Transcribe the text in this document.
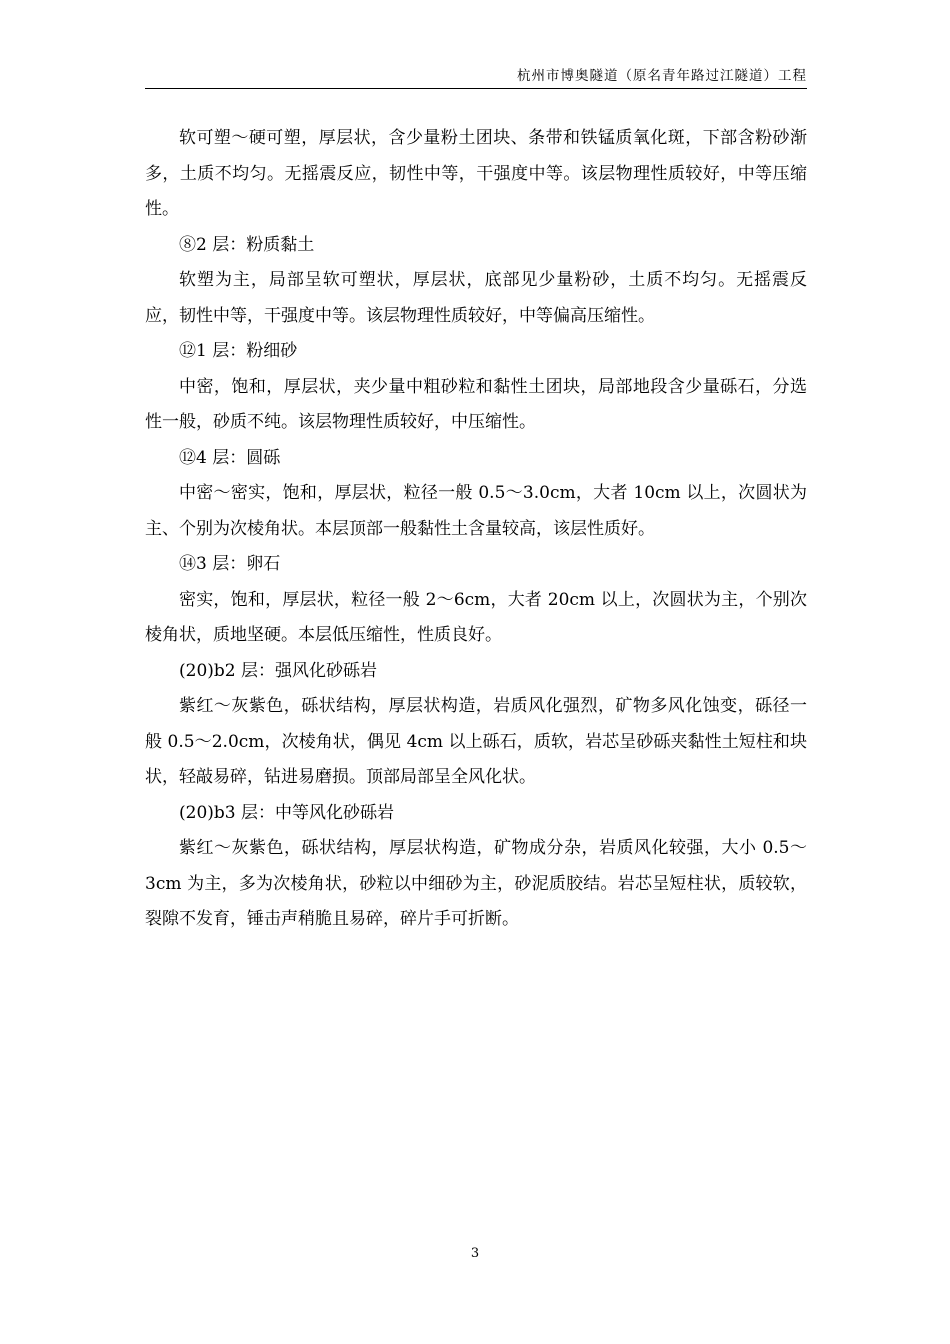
杭州市博奥隧道（原名青年路过江隧道）工程

软可塑～硬可塑，厚层状，含少量粉土团块、条带和铁锰质氧化斑，下部含粉砂渐多，土质不均匀。无摇震反应，韧性中等，干强度中等。该层物理性质较好，中等压缩性。

⑧2 层：粉质黏土

软塑为主，局部呈软可塑状，厚层状，底部见少量粉砂，土质不均匀。无摇震反应，韧性中等，干强度中等。该层物理性质较好，中等偏高压缩性。

⑫1 层：粉细砂

中密，饱和，厚层状，夹少量中粗砂粒和黏性土团块，局部地段含少量砾石，分选性一般，砂质不纯。该层物理性质较好，中压缩性。

⑫4 层：圆砾

中密～密实，饱和，厚层状，粒径一般 0.5～3.0cm，大者 10cm 以上，次圆状为主、个别为次棱角状。本层顶部一般黏性土含量较高，该层性质好。

⑭3 层：卵石

密实，饱和，厚层状，粒径一般 2～6cm，大者 20cm 以上，次圆状为主，个别次棱角状，质地坚硬。本层低压缩性，性质良好。

(20)b2 层：强风化砂砾岩

紫红～灰紫色，砾状结构，厚层状构造，岩质风化强烈，矿物多风化蚀变，砾径一般 0.5～2.0cm，次棱角状，偶见 4cm 以上砾石，质软，岩芯呈砂砾夹黏性土短柱和块状，轻敲易碎，钻进易磨损。顶部局部呈全风化状。

(20)b3 层：中等风化砂砾岩

紫红～灰紫色，砾状结构，厚层状构造，矿物成分杂，岩质风化较强，大小 0.5～3cm 为主，多为次棱角状，砂粒以中细砂为主，砂泥质胶结。岩芯呈短柱状，质较软，裂隙不发育，锤击声稍脆且易碎，碎片手可折断。

3
